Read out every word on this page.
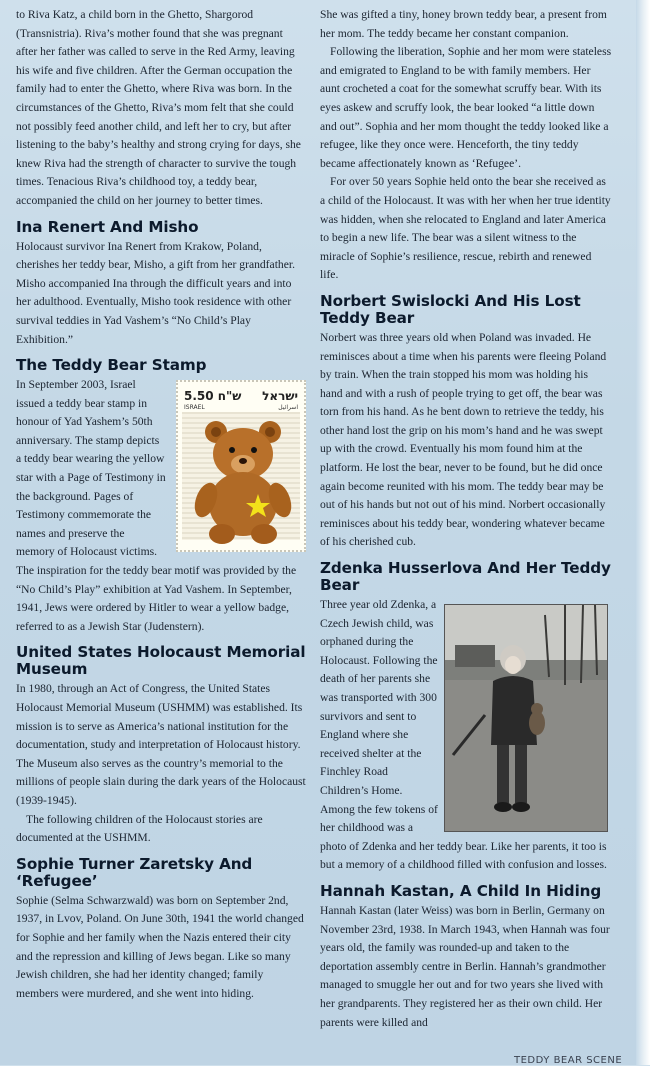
to Riva Katz, a child born in the Ghetto, Shargorod (Transnistria). Riva’s mother found that she was pregnant after her father was called to serve in the Red Army, leaving his wife and five children. After the German occupation the family had to enter the Ghetto, where Riva was born. In the circumstances of the Ghetto, Riva’s mom felt that she could not possibly feed another child, and left her to cry, but after listening to the baby’s healthy and strong crying for days, she knew Riva had the strength of character to survive the tough times. Tenacious Riva’s childhood toy, a teddy bear, accompanied the child on her journey to better times.

Ina Renert And Misho

Holocaust survivor Ina Renert from Krakow, Poland, cherishes her teddy bear, Misho, a gift from her grandfather. Misho accompanied Ina through the difficult years and into her adulthood. Eventually, Misho took residence with other survival teddies in Yad Vashem’s “No Child’s Play Exhibition.”

The Teddy Bear Stamp
5.50 ש"ח ישראל
ISRAEL	اسرائيل

In September 2003, Israel issued a teddy bear stamp in honour of Yad Yashem’s 50th anniversary. The stamp depicts a teddy bear wearing the yellow star with a Page of Testimony in the background. Pages of Testimony commemorate the names and preserve the memory of Holocaust victims. The inspiration for the teddy bear motif was provided by the “No Child’s Play” exhibition at Yad Vashem. In September, 1941, Jews were ordered by Hitler to wear a yellow badge, referred to as a Jewish Star (Judenstern).

United States Holocaust Memorial Museum

In 1980, through an Act of Congress, the United States Holocaust Memorial Museum (USHMM) was established. Its mission is to serve as America’s national institution for the documentation, study and interpretation of Holocaust history. The Museum also serves as the country’s memorial to the millions of people slain during the dark years of the Holocaust (1939-1945).

The following children of the Holocaust stories are documented at the USHMM.

Sophie Turner Zaretsky And ‘Refugee’

Sophie (Selma Schwarzwald) was born on September 2nd, 1937, in Lvov, Poland. On June 30th, 1941 the world changed for Sophie and her family when the Nazis entered their city and the repression and killing of Jews began. Like so many Jewish children, she had her identity changed; family members were murdered, and she went into hiding.

She was gifted a tiny, honey brown teddy bear, a present from her mom. The teddy became her constant companion.

Following the liberation, Sophie and her mom were stateless and emigrated to England to be with family members. Her aunt crocheted a coat for the somewhat scruffy bear. With its eyes askew and scruffy look, the bear looked “a little down and out”. Sophia and her mom thought the teddy looked like a refugee, like they once were. Henceforth, the tiny teddy became affectionately known as ‘Refugee’.

For over 50 years Sophie held onto the bear she received as a child of the Holocaust. It was with her when her true identity was hidden, when she relocated to England and later America to begin a new life. The bear was a silent witness to the miracle of Sophie’s resilience, rescue, rebirth and renewed life.

Norbert Swislocki And His Lost Teddy Bear

Norbert was three years old when Poland was invaded. He reminisces about a time when his parents were fleeing Poland by train. When the train stopped his mom was holding his hand and with a rush of people trying to get off, the bear was torn from his hand. As he bent down to retrieve the teddy, his other hand lost the grip on his mom’s hand and he was swept up with the crowd. Eventually his mom found him at the platform. He lost the bear, never to be found, but he did once again become reunited with his mom. The teddy bear may be out of his hands but not out of his mind. Norbert occasionally reminisces about his teddy bear, wondering whatever became of his cherished cub.

Zdenka Husserlova And Her Teddy Bear

Three year old Zdenka, a Czech Jewish child, was orphaned during the Holocaust. Following the death of her parents she was transported with 300 survivors and sent to England where she received shelter at the Finchley Road Children’s Home. Among the few tokens of her childhood was a photo of Zdenka and her teddy bear. Like her parents, it too is but a memory of a childhood filled with confusion and losses.

Hannah Kastan, A Child In Hiding

Hannah Kastan (later Weiss) was born in Berlin, Germany on November 23rd, 1938. In March 1943, when Hannah was four years old, the family was rounded-up and taken to the deportation assembly centre in Berlin. Hannah’s grandmother managed to smuggle her out and for two years she lived with her grandparents. They registered her as their own child. Her parents were killed and

TEDDY BEAR SCENE
